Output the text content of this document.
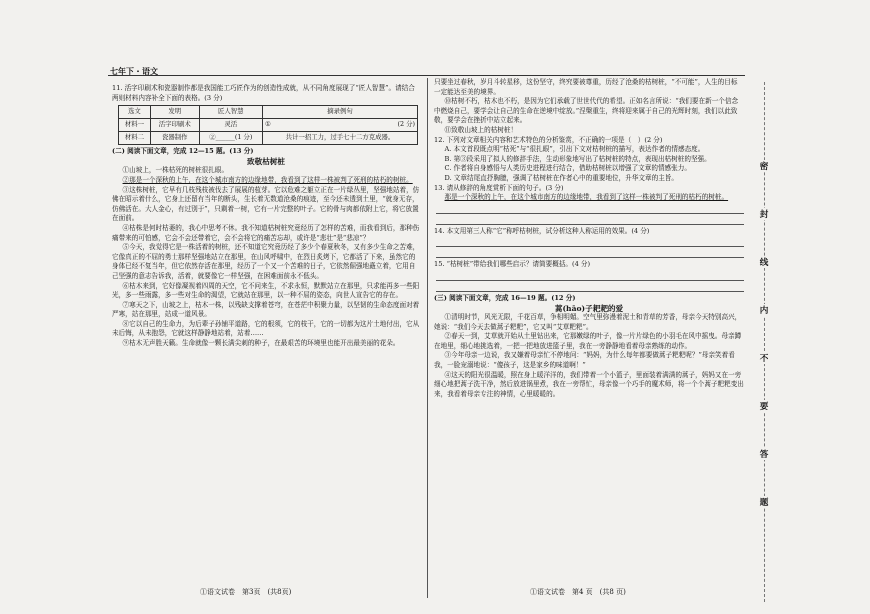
七年下・语文

11. 活字印刷术和瓷器制作都是我国能工巧匠作为的创造性成就，从不同角度展现了“匠人智慧”。请结合两则材料内容补全下面的表格。(3 分)

选文	发明	匠人智慧	摘录例句
材料一	活字印刷术	灵活	① (2 分)

材料二	瓷器制作	②______(1 分)	共计一招工力，过手七十二方克成器。

(二) 阅读下面文章，完成 12—15 题。(13 分)

致敬枯树桩

①山坡上，一株枯死的树桩很扎眼。

②那是一个深秋的上午，在这个城市南方的边缘地带，我看到了这样一株被判了死刑的枯朽的树桩。

③这株树桩，它早有几枝残枝被伐去了展展的苞芽。它以危难之躯立正在一片绿丛里，坚强地站着，仿佛在昭示着什么，它身上还留有当年的断头，生长着无数道沧桑的痕迹，至今还未透到土里，“就身无存，仿佛活在。大人金心，有过别于”，只剩着一树，它有一片完整的叶子。它的骨与肉都依附上它，将它放置在面前。

④枯株是何时枯萎的，我心中思考不休。我不知道枯树桩究竟经历了怎样的苦难，而我看到后，那种伤痛带来的可怕感，它会不会还带着它，会不会将它的痛苦忘却，或许是“悲壮”是“悲凉”？

⑤今天，我觉得它是一株活着的树桩，还不知道它究竟历经了多少个春夏秋冬，又有多少生命之苦难，它像真正的不屈的勇士那样坚强地站立在那里，在山风呼啸中，在烈日炙烤下，它都活了下来，虽然它的身体已经不复当年，但它依然存活在那里，经历了一个又一个苦难的日子，它依然倔强地矗立着，它用自己坚强的意志告诉我，活着，就要像它一样坚强，在困难面前永不低头。

⑥枯木来到，它好像凝视着四周的天空，它不问来生，不求永恒，默默站立在那里，只求能再多一些阳光，多一些雨露，多一些对生命的渴望，它就站在那里，以一种不屈的姿态，向世人宣告它的存在。

⑦寒天之下，山坡之上，枯木一株，以残缺支撑着苍穹，在苍茫中积聚力量，以坚韧的生命态度面对着严寒，站在那里，站成一道风景。

⑧它以自己的生命力，为后辈子孙铺平道路，它的根须，它的枝干，它的一切都为这片土地付出，它从未后悔，从未抱怨，它就这样静静地站着，站着……

⑨枯木无声胜天籁。生命就像一颗长满尖刺的种子，在最艰苦的环境里也能开出最美丽的花朵。

只要坐过春秋，岁月斗转星移，这份坚守，终究要被尊重，历经了沧桑的枯树桩，“不可能”，人生的目标一定能达至美的境界。

⑩枯树不朽，枯木也不朽，是因为它们承载了世世代代的希望。正如名言所说：“我们要在新一个信念中燃烧自己，要学会让自己的生命在逆境中绽放。”涅槃重生，终将迎来属于自己的光辉时刻，我们以此致敬，要学会在挫折中站立起来。

⑪致敬山坡上的枯树桩！

12. 下列对文章相关内容和艺术特色的分析鉴赏，不正确的一项是（　）(2 分)

A. 本文首段既点明“枯死”与“很扎眼”，引出下文对枯树桩的描写，表达作者的情感态度。

B. 第③段采用了拟人的修辞手法，生动形象地写出了枯树桩的特点，表现出枯树桩的坚强。

C. 作者将自身感悟与人类历史进程进行结合，借助枯树桩以增强了文章的情感张力。

D. 文章结尾直抒胸臆，强调了枯树桩在作者心中的重要地位，升华文章的主旨。

13. 请从修辞的角度赏析下面的句子。(3 分)

那是一个深秋的上午，在这个城市南方的边缘地带，我看到了这样一株被判了死刑的枯朽的树桩。

14. 本文用第三人称“它”称呼枯树桩，试分析这种人称运用的效果。(4 分)

15. “枯树桩”带给我们哪些启示？请简要概括。(4 分)

(三) 阅读下面文章，完成 16—19 题。(12 分)

蒿(hāo)子耙耙的爱

①清明时节，风光无限，千花百草，争相明媚。空气里弥漫着泥土和青草的芳香，母亲今天特别高兴，她说：“我们今天去做蒿子粑粑”，它又叫“艾草粑粑”。

②春天一到，艾草就开始从土里钻出来，它那嫩绿的叶子，像一片片绿色的小羽毛在风中摇曳。母亲蹲在地里，细心地挑选着，一把一把地放进篮子里，我在一旁静静地看着母亲熟练的动作。

③今年母亲一边说，我又嫌着母亲忙不停地问：“妈妈，为什么每年都要做蒿子粑粑呢？”母亲笑着看我，一脸宠溺地说：“傻孩子，这是家乡的味道啊！”

④这天的阳光很温暖，照在身上暖洋洋的，我们带着一个小篮子，里面装着满满的蒿子，妈妈又在一旁细心地把蒿子洗干净，然后放进锅里煮，我在一旁帮忙，母亲像一个巧手的魔术师，将一个个蒿子粑粑变出来，我看着母亲专注的神情，心里暖暖的。

①语文试卷　第3页　(共8页)	①语文试卷　第4 页　(共8 页)
密
封
线
内
不
要
答
题
